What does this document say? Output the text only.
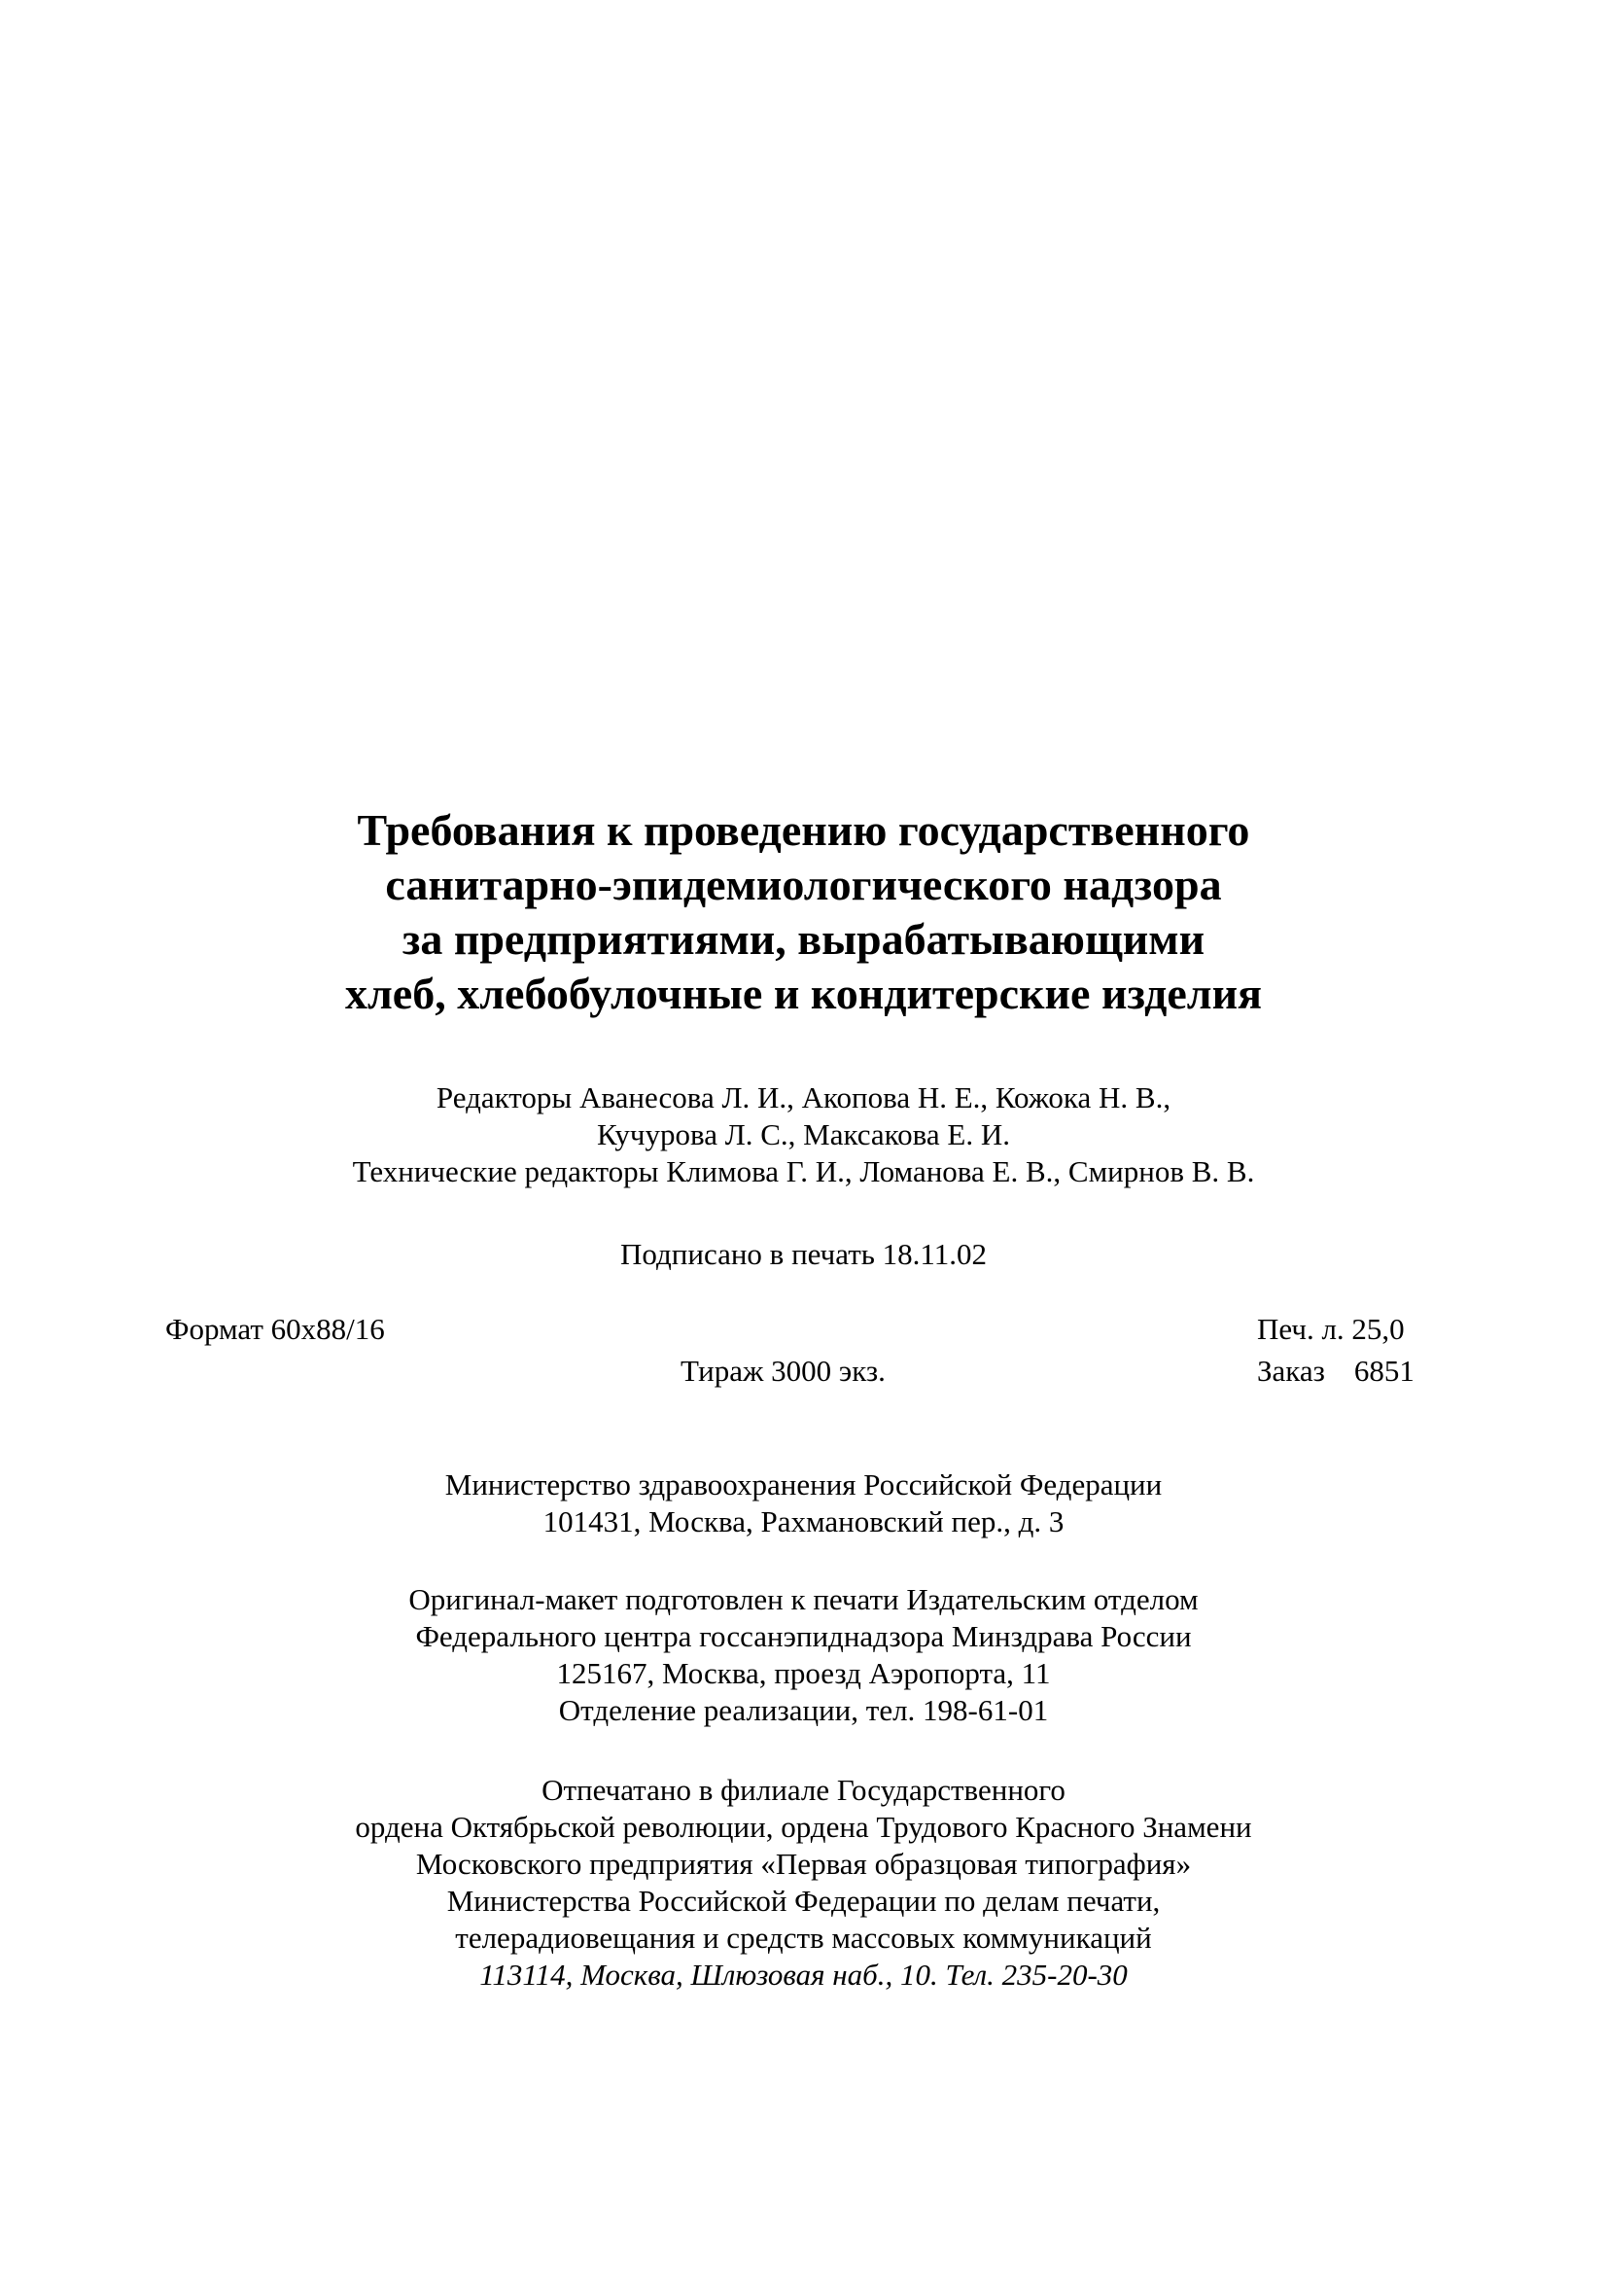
Требования к проведению государственного
санитарно-эпидемиологического надзора
за предприятиями, вырабатывающими
хлеб, хлебобулочные и кондитерские изделия
Редакторы Аванесова Л. И., Акопова Н. Е., Кожока Н. В.,
Кучурова Л. С., Максакова Е. И.
Технические редакторы Климова Г. И., Ломанова Е. В., Смирнов В. В.
Подписано в печать 18.11.02
Формат 60x88/16	Печ. л. 25,0
Тираж 3000 экз.	Заказ 6851
Министерство здравоохранения Российской Федерации
101431, Москва, Рахмановский пер., д. 3
Оригинал-макет подготовлен к печати Издательским отделом
Федерального центра госсанэпиднадзора Минздрава России
125167, Москва, проезд Аэропорта, 11
Отделение реализации, тел. 198-61-01
Отпечатано в филиале Государственного
ордена Октябрьской революции, ордена Трудового Красного Знамени
Московского предприятия «Первая образцовая типография»
Министерства Российской Федерации по делам печати,
телерадиовещания и средств массовых коммуникаций
113114, Москва, Шлюзовая наб., 10. Тел. 235-20-30
